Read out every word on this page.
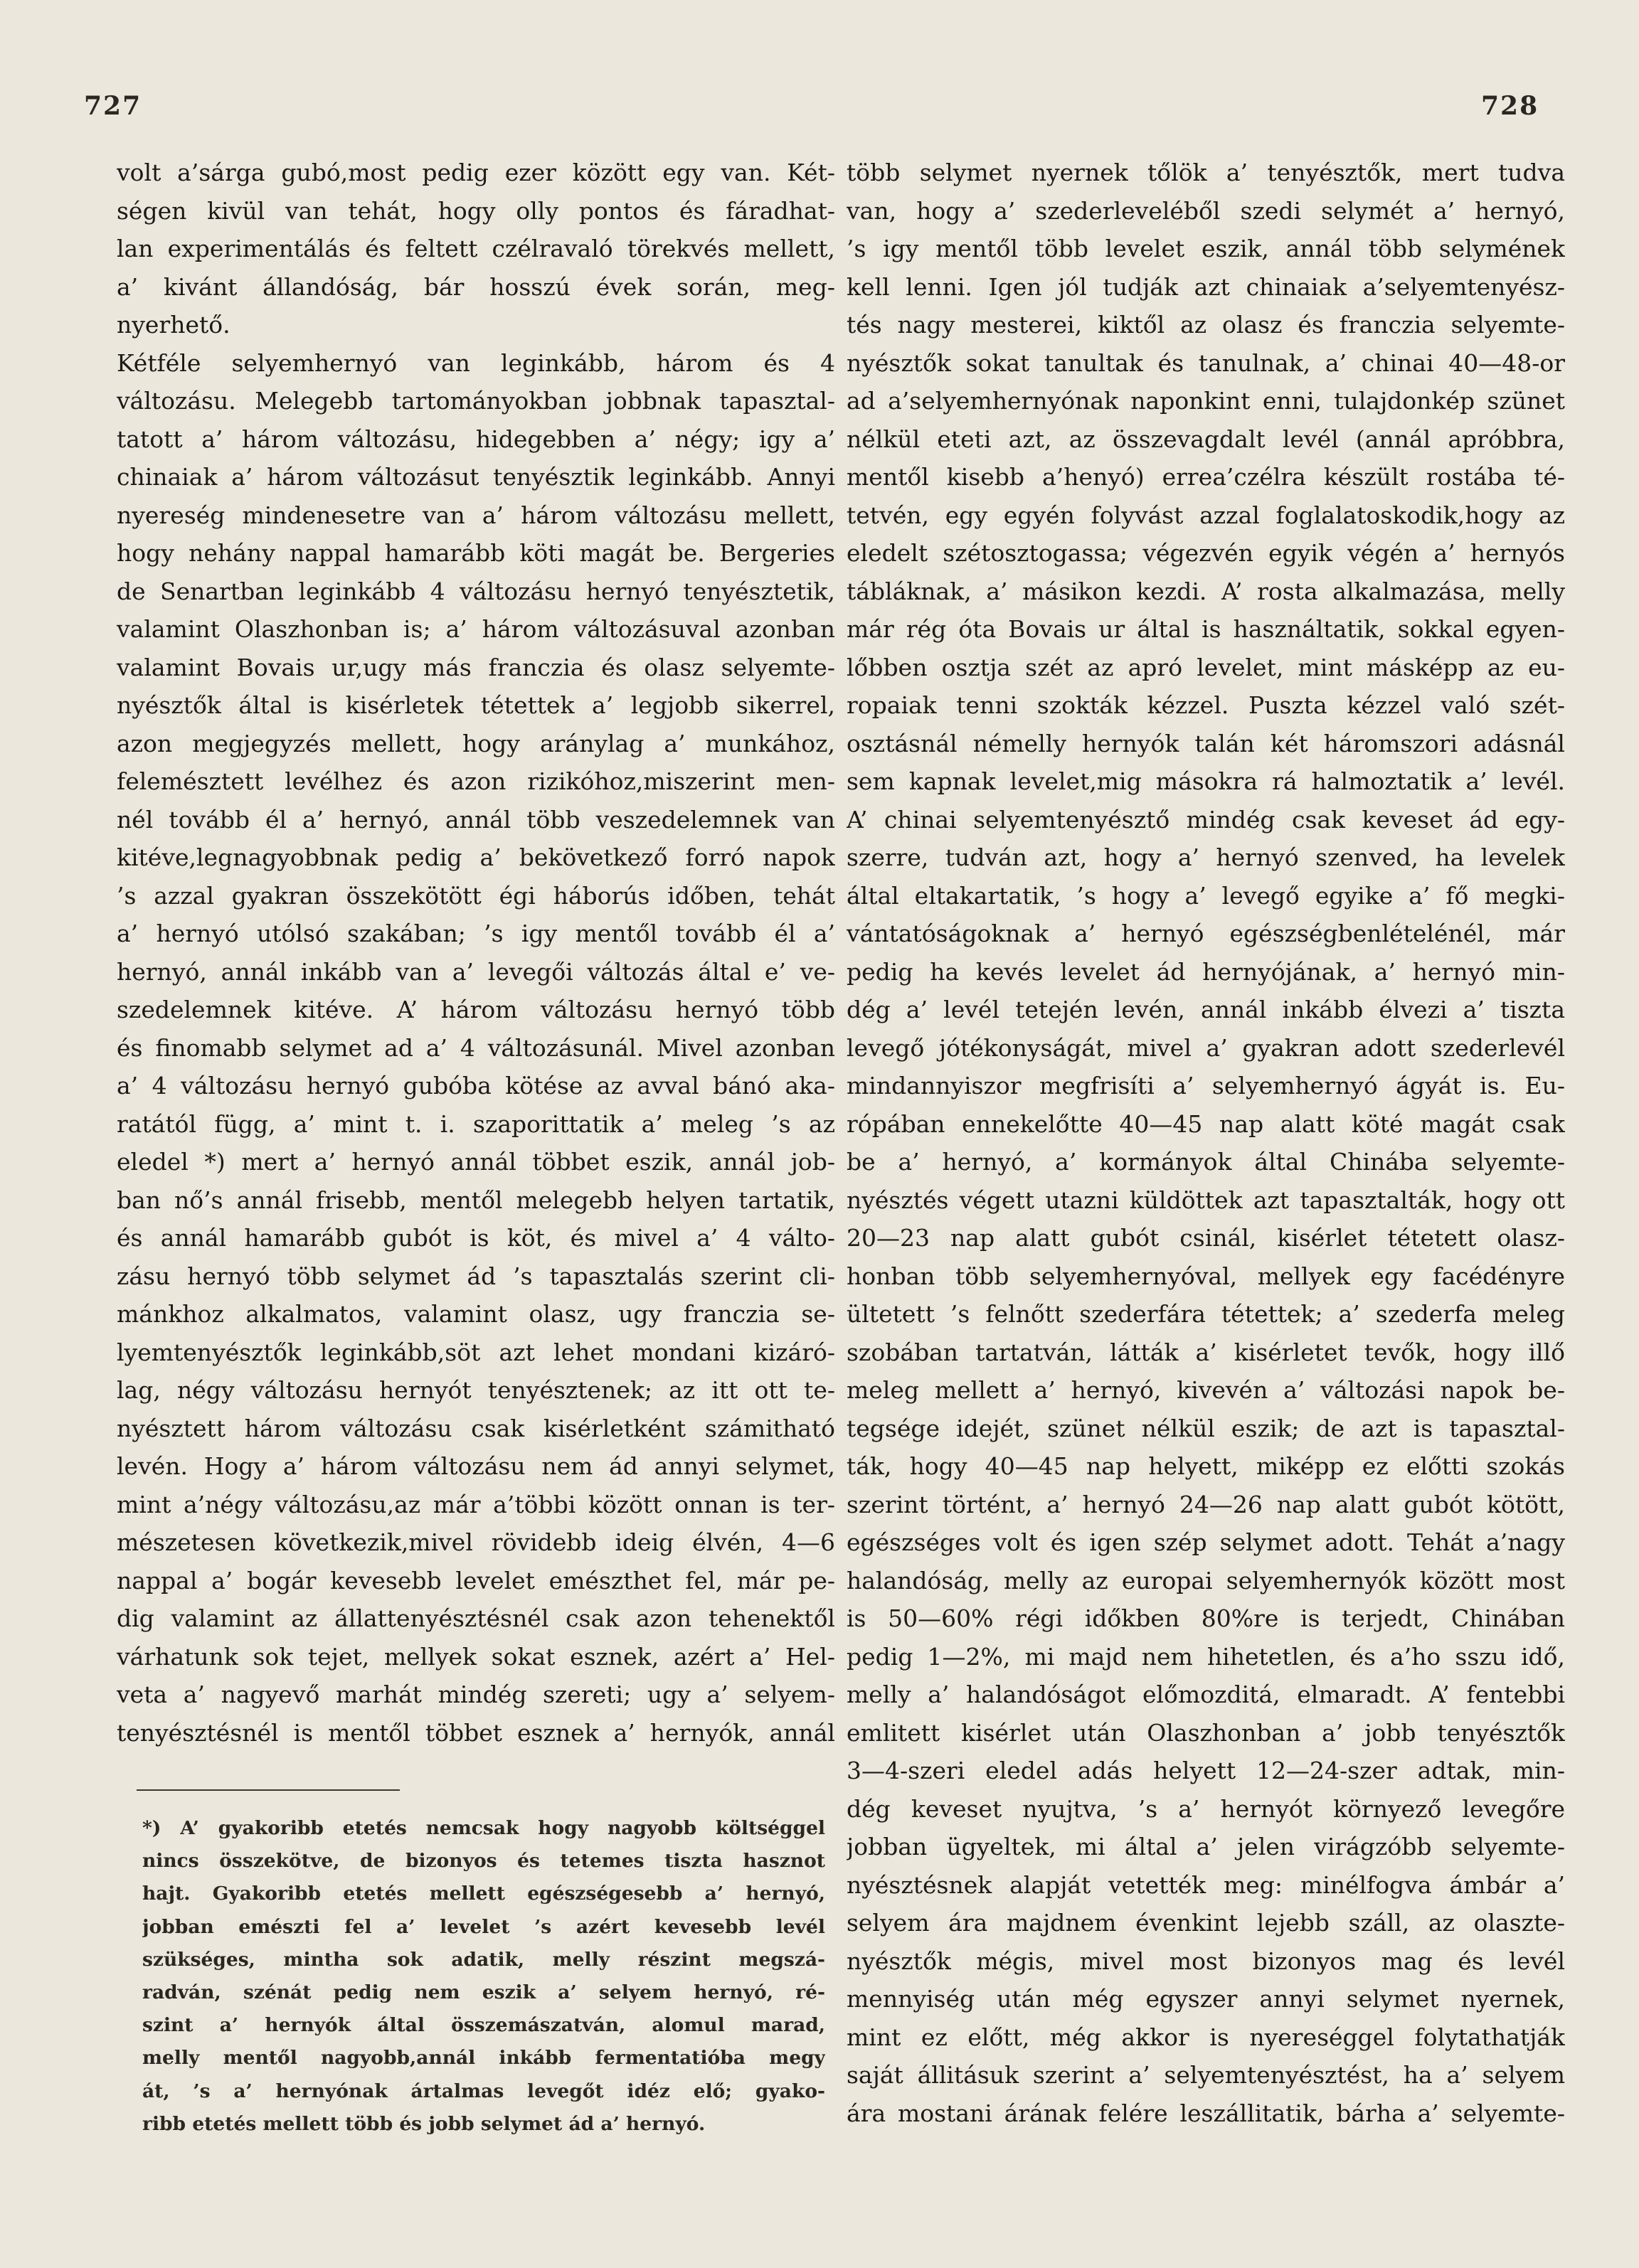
727	728
volt a’sárga gubó,most pedig ezer között egy van. Két-
ségen kivül van tehát, hogy olly pontos és fáradhat-
lan experimentálás és feltett czélravaló törekvés mellett,
a’ kivánt állandóság, bár hosszú évek során, meg-
nyerhető.
Kétféle selyemhernyó van leginkább, három és 4
változásu. Melegebb tartományokban jobbnak tapasztal-
tatott a’ három változásu, hidegebben a’ négy; igy a’
chinaiak a’ három változásut tenyésztik leginkább. Annyi
nyereség mindenesetre van a’ három változásu mellett,
hogy nehány nappal hamarább köti magát be. Bergeries
de Senartban leginkább 4 változásu hernyó tenyésztetik,
valamint Olaszhonban is; a’ három változásuval azonban
valamint Bovais ur,ugy más franczia és olasz selyemte-
nyésztők által is kisérletek tétettek a’ legjobb sikerrel,
azon megjegyzés mellett, hogy aránylag a’ munkához,
felemésztett levélhez és azon rizikóhoz,miszerint men-
nél tovább él a’ hernyó, annál több veszedelemnek van
kitéve,legnagyobbnak pedig a’ bekövetkező forró napok
’s azzal gyakran összekötött égi háborús időben, tehát
a’ hernyó utólsó szakában; ’s igy mentől tovább él a’
hernyó, annál inkább van a’ levegői változás által e’ ve-
szedelemnek kitéve. A’ három változásu hernyó több
és finomabb selymet ad a’ 4 változásunál. Mivel azonban
a’ 4 változásu hernyó gubóba kötése az avval bánó aka-
ratától függ, a’ mint t. i. szaporittatik a’ meleg ’s az
eledel *) mert a’ hernyó annál többet eszik, annál job-
ban nő’s annál frisebb, mentől melegebb helyen tartatik,
és annál hamarább gubót is köt, és mivel a’ 4 válto-
zásu hernyó több selymet ád ’s tapasztalás szerint cli-
mánkhoz alkalmatos, valamint olasz, ugy franczia se-
lyemtenyésztők leginkább,söt azt lehet mondani kizáró-
lag, négy változásu hernyót tenyésztenek; az itt ott te-
nyésztett három változásu csak kisérletként számitható
levén. Hogy a’ három változásu nem ád annyi selymet,
mint a’négy változásu,az már a’többi között onnan is ter-
mészetesen következik,mivel rövidebb ideig élvén, 4—6
nappal a’ bogár kevesebb levelet emészthet fel, már pe-
dig valamint az állattenyésztésnél csak azon tehenektől
várhatunk sok tejet, mellyek sokat esznek, azért a’ Hel-
veta a’ nagyevő marhát mindég szereti; ugy a’ selyem-
tenyésztésnél is mentől többet esznek a’ hernyók, annál
több selymet nyernek tőlök a’ tenyésztők, mert tudva
van, hogy a’ szederleveléből szedi selymét a’ hernyó,
’s igy mentől több levelet eszik, annál több selymének
kell lenni. Igen jól tudják azt chinaiak a’selyemtenyész-
tés nagy mesterei, kiktől az olasz és franczia selyemte-
nyésztők sokat tanultak és tanulnak, a’ chinai 40—48-or
ad a’selyemhernyónak naponkint enni, tulajdonkép szünet
nélkül eteti azt, az összevagdalt levél (annál apróbbra,
mentől kisebb a’henyó) errea’czélra készült rostába té-
tetvén, egy egyén folyvást azzal foglalatoskodik,hogy az
eledelt szétosztogassa; végezvén egyik végén a’ hernyós
tábláknak, a’ másikon kezdi. A’ rosta alkalmazása, melly
már rég óta Bovais ur által is használtatik, sokkal egyen-
lőbben osztja szét az apró levelet, mint másképp az eu-
ropaiak tenni szokták kézzel. Puszta kézzel való szét-
osztásnál némelly hernyók talán két háromszori adásnál
sem kapnak levelet,mig másokra rá halmoztatik a’ levél.
A’ chinai selyemtenyésztő mindég csak keveset ád egy-
szerre, tudván azt, hogy a’ hernyó szenved, ha levelek
által eltakartatik, ’s hogy a’ levegő egyike a’ fő megki-
vántatóságoknak a’ hernyó egészségbenlételénél, már
pedig ha kevés levelet ád hernyójának, a’ hernyó min-
dég a’ levél tetején levén, annál inkább élvezi a’ tiszta
levegő jótékonyságát, mivel a’ gyakran adott szederlevél
mindannyiszor megfrisíti a’ selyemhernyó ágyát is. Eu-
rópában ennekelőtte 40—45 nap alatt köté magát csak
be a’ hernyó, a’ kormányok által Chinába selyemte-
nyésztés végett utazni küldöttek azt tapasztalták, hogy ott
20—23 nap alatt gubót csinál, kisérlet tétetett olasz-
honban több selyemhernyóval, mellyek egy facédényre
ültetett ’s felnőtt szederfára tétettek; a’ szederfa meleg
szobában tartatván, látták a’ kisérletet tevők, hogy illő
meleg mellett a’ hernyó, kivevén a’ változási napok be-
tegsége idejét, szünet nélkül eszik; de azt is tapasztal-
ták, hogy 40—45 nap helyett, miképp ez előtti szokás
szerint történt, a’ hernyó 24—26 nap alatt gubót kötött,
egészséges volt és igen szép selymet adott. Tehát a’nagy
halandóság, melly az europai selyemhernyók között most
is 50—60% régi időkben 80%re is terjedt, Chinában
pedig 1—2%, mi majd nem hihetetlen, és a’ho sszu idő,
melly a’ halandóságot előmozditá, elmaradt. A’ fentebbi
emlitett kisérlet után Olaszhonban a’ jobb tenyésztők
3—4-szeri eledel adás helyett 12—24-szer adtak, min-
dég keveset nyujtva, ’s a’ hernyót környező levegőre
jobban ügyeltek, mi által a’ jelen virágzóbb selyemte-
nyésztésnek alapját vetették meg: minélfogva ámbár a’
selyem ára majdnem évenkint lejebb száll, az olaszte-
nyésztők mégis, mivel most bizonyos mag és levél
mennyiség után még egyszer annyi selymet nyernek,
mint ez előtt, még akkor is nyereséggel folytathatják
saját állitásuk szerint a’ selyemtenyésztést, ha a’ selyem
ára mostani árának felére leszállitatik, bárha a’ selyemte-
*) A’ gyakoribb etetés nemcsak hogy nagyobb költséggel
nincs összekötve, de bizonyos és tetemes tiszta hasznot
hajt. Gyakoribb etetés mellett egészségesebb a’ hernyó,
jobban emészti fel a’ levelet ’s azért kevesebb levél
szükséges, mintha sok adatik, melly részint megszá-
radván, szénát pedig nem eszik a’ selyem hernyó, ré-
szint a’ hernyók által összemászatván, alomul marad,
melly mentől nagyobb,annál inkább fermentatióba megy
át, ’s a’ hernyónak ártalmas levegőt idéz elő; gyako-
ribb etetés mellett több és jobb selymet ád a’ hernyó.
